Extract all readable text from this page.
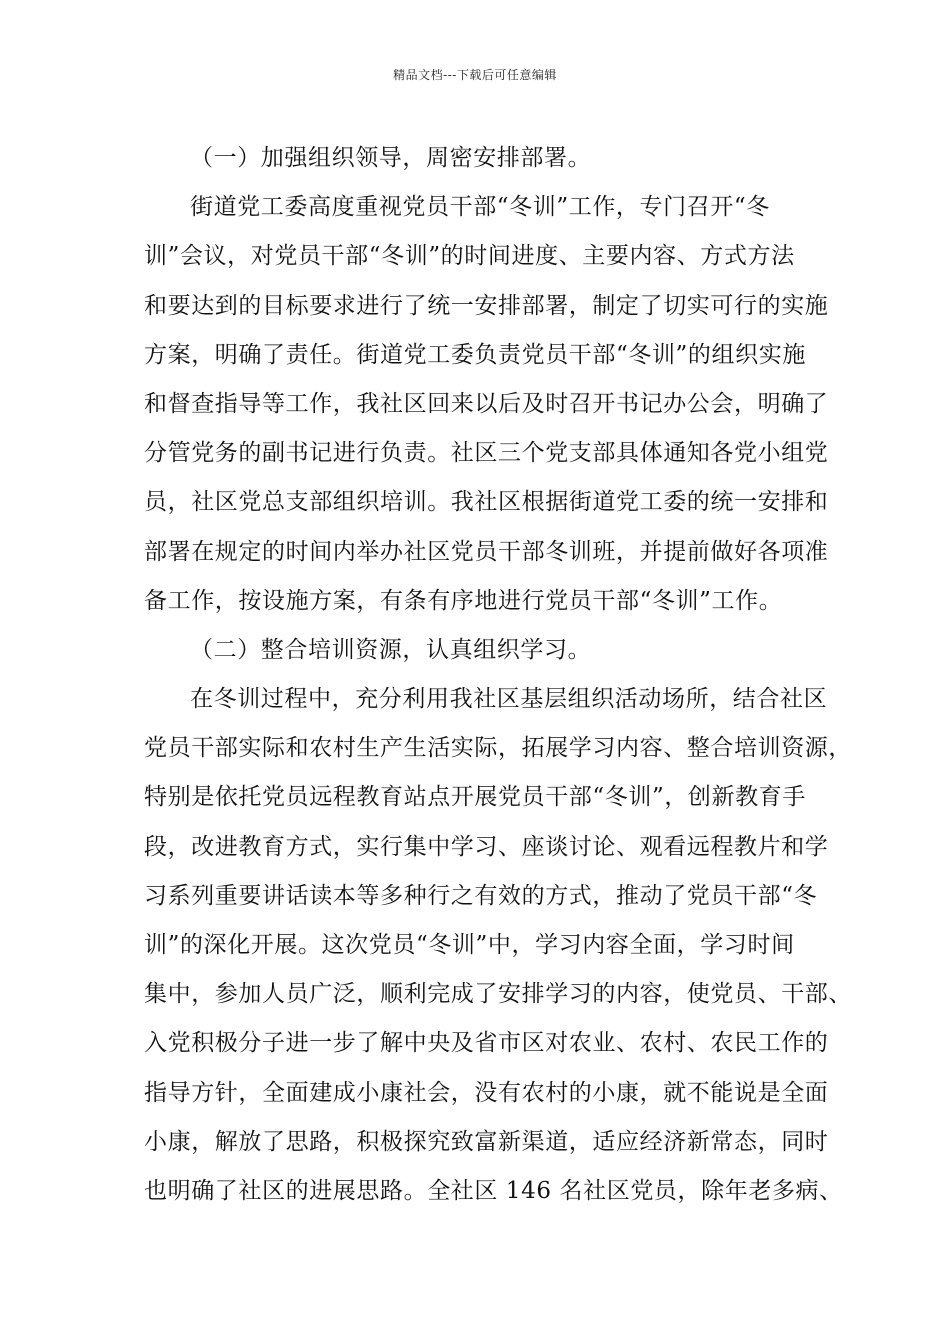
精品文档---下载后可任意编辑
（一）加强组织领导，周密安排部署。
街道党工委高度重视党员干部“冬训”工作，专门召开“冬
训”会议，对党员干部“冬训”的时间进度、主要内容、方式方法
和要达到的目标要求进行了统一安排部署，制定了切实可行的实施
方案，明确了责任。街道党工委负责党员干部“冬训”的组织实施
和督查指导等工作，我社区回来以后及时召开书记办公会，明确了
分管党务的副书记进行负责。社区三个党支部具体通知各党小组党
员，社区党总支部组织培训。我社区根据街道党工委的统一安排和
部署在规定的时间内举办社区党员干部冬训班，并提前做好各项准
备工作，按设施方案，有条有序地进行党员干部“冬训”工作。
（二）整合培训资源，认真组织学习。
在冬训过程中，充分利用我社区基层组织活动场所，结合社区
党员干部实际和农村生产生活实际，拓展学习内容、整合培训资源，
特别是依托党员远程教育站点开展党员干部“冬训”，创新教育手
段，改进教育方式，实行集中学习、座谈讨论、观看远程教片和学
习系列重要讲话读本等多种行之有效的方式，推动了党员干部“冬
训”的深化开展。这次党员“冬训”中，学习内容全面，学习时间
集中，参加人员广泛，顺利完成了安排学习的内容，使党员、干部、
入党积极分子进一步了解中央及省市区对农业、农村、农民工作的
指导方针，全面建成小康社会，没有农村的小康，就不能说是全面
小康，解放了思路，积极探究致富新渠道，适应经济新常态，同时
也明确了社区的进展思路。全社区 146 名社区党员，除年老多病、
